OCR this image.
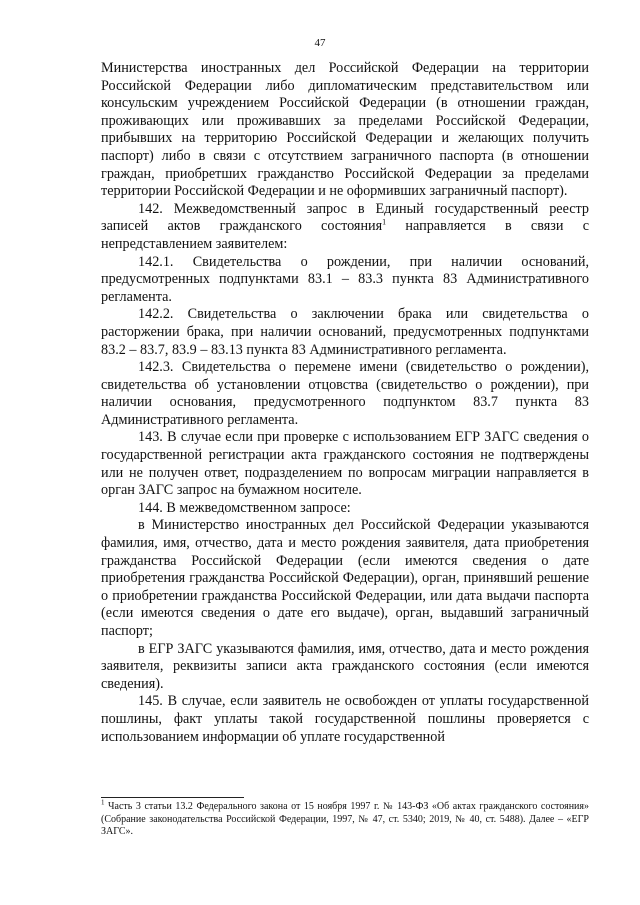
47

Министерства иностранных дел Российской Федерации на территории Российской Федерации либо дипломатическим представительством или консульским учреждением Российской Федерации (в отношении граждан, проживающих или проживавших за пределами Российской Федерации, прибывших на территорию Российской Федерации и желающих получить паспорт) либо в связи с отсутствием заграничного паспорта (в отношении граждан, приобретших гражданство Российской Федерации за пределами территории Российской Федерации и не оформивших заграничный паспорт).

142. Межведомственный запрос в Единый государственный реестр записей актов гражданского состояния$^1$ направляется в связи с непредставлением заявителем:

142.1. Свидетельства о рождении, при наличии оснований, предусмотренных подпунктами 83.1 – 83.3 пункта 83 Административного регламента.

142.2. Свидетельства о заключении брака или свидетельства о расторжении брака, при наличии оснований, предусмотренных подпунктами 83.2 – 83.7, 83.9 – 83.13 пункта 83 Административного регламента.

142.3. Свидетельства о перемене имени (свидетельство о рождении), свидетельства об установлении отцовства (свидетельство о рождении), при наличии основания, предусмотренного подпунктом 83.7 пункта 83 Административного регламента.

143. В случае если при проверке с использованием ЕГР ЗАГС сведения о государственной регистрации акта гражданского состояния не подтверждены или не получен ответ, подразделением по вопросам миграции направляется в орган ЗАГС запрос на бумажном носителе.

144. В межведомственном запросе:

в Министерство иностранных дел Российской Федерации указываются фамилия, имя, отчество, дата и место рождения заявителя, дата приобретения гражданства Российской Федерации (если имеются сведения о дате приобретения гражданства Российской Федерации), орган, принявший решение о приобретении гражданства Российской Федерации, или дата выдачи паспорта (если имеются сведения о дате его выдаче), орган, выдавший заграничный паспорт;

в ЕГР ЗАГС указываются фамилия, имя, отчество, дата и место рождения заявителя, реквизиты записи акта гражданского состояния (если имеются сведения).

145. В случае, если заявитель не освобожден от уплаты государственной пошлины, факт уплаты такой государственной пошлины проверяется с использованием информации об уплате государственной

$^1$ Часть 3 статьи 13.2 Федерального закона от 15 ноября 1997 г. № 143-ФЗ «Об актах гражданского состояния» (Собрание законодательства Российской Федерации, 1997, № 47, ст. 5340; 2019, № 40, ст. 5488). Далее – «ЕГР ЗАГС».
